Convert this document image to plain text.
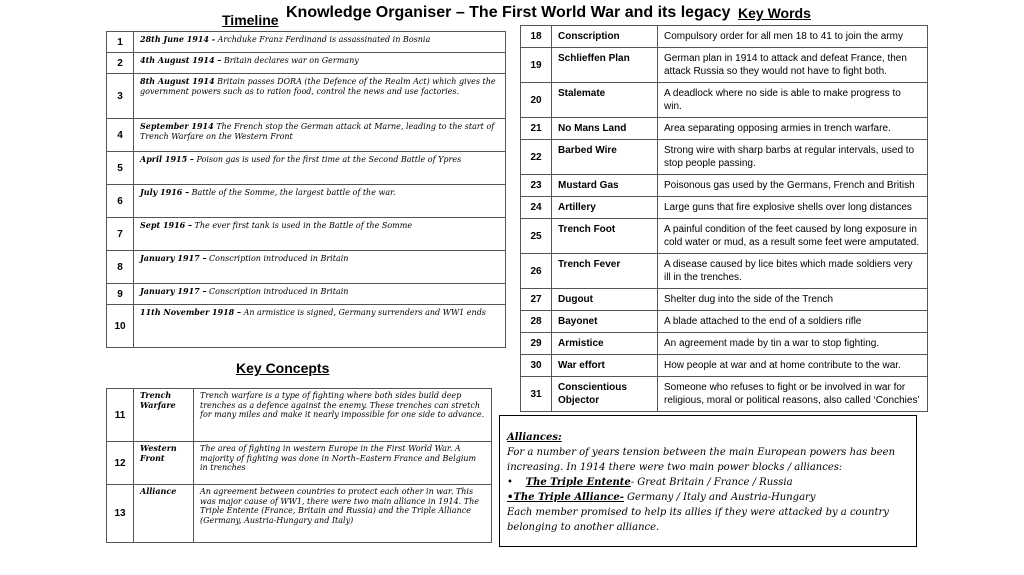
Timeline Knowledge Organiser – The First World War and its legacy Key Words
Key Concepts
1	28th June 1914 - Archduke Franz Ferdinand is assassinated in Bosnia
2	4th August 1914 – Britain declares war on Germany
3	8th August 1914 Britain passes DORA (the Defence of the Realm Act) which gives the government powers such as to ration food, control the news and use factories.
4	September 1914 The French stop the German attack at Marne, leading to the start of Trench Warfare on the Western Front
5	April 1915 – Poison gas is used for the first time at the Second Battle of Ypres
6	July 1916 – Battle of the Somme, the largest battle of the war.
7	Sept 1916 – The ever first tank is used in the Battle of the Somme
8	January 1917 – Conscription introduced in Britain
9	January 1917 – Conscription introduced in Britain
10	11th November 1918 – An armistice is signed, Germany surrenders and WW1 ends
18	Conscription	Compulsory order for all men 18 to 41 to join the army
19	Schlieffen Plan	German plan in 1914 to attack and defeat France, then attack Russia so they would not have to fight both.
20	Stalemate	A deadlock where no side is able to make progress to win.
21	No Mans Land	Area separating opposing armies in trench warfare.
22	Barbed Wire	Strong wire with sharp barbs at regular intervals, used to stop people passing.
23	Mustard Gas	Poisonous gas used by the Germans, French and British
24	Artillery	Large guns that fire explosive shells over long distances
25	Trench Foot	A painful condition of the feet caused by long exposure in cold water or mud, as a result some feet were amputated.
26	Trench Fever	A disease caused by lice bites which made soldiers very ill in the trenches.
27	Dugout	Shelter dug into the side of the Trench
28	Bayonet	A blade attached to the end of a soldiers rifle
29	Armistice	An agreement made by tin a war to stop fighting.
30	War effort	How people at war and at home contribute to the war.
31	Conscientious Objector	Someone who refuses to fight or be involved in war for religious, moral or political reasons, also called ‘Conchies’
11	Trench Warfare	Trench warfare is a type of fighting where both sides build deep trenches as a defence against the enemy. These trenches can stretch for many miles and make it nearly impossible for one side to advance.
12	Western Front	The area of fighting in western Europe in the First World War. A majority of fighting was done in North–Eastern France and Belgium in trenches
13	Alliance	An agreement between countries to protect each other in war. This was major cause of WW1, there were two main alliance in 1914. The Triple Entente (France, Britain and Russia) and the Triple Alliance (Germany, Austria-Hungary and Italy)

Alliances:

For a number of years tension between the main European powers has been increasing. In 1914 there were two main power blocks / alliances:

•    The Triple Entente- Great Britain / France / Russia

•The Triple Alliance- Germany / Italy and Austria-Hungary

Each member promised to help its allies if they were attacked by a country belonging to another alliance.
